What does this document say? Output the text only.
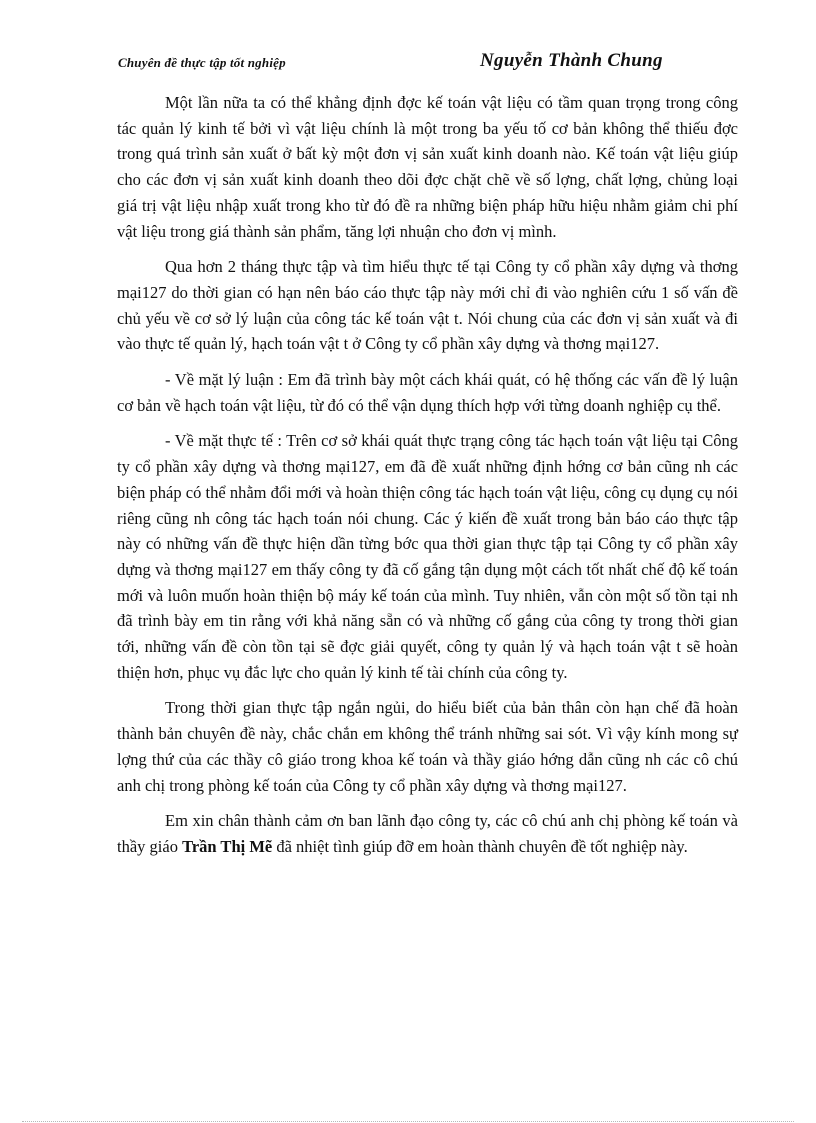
Chuyên đề thực tập tốt nghiệp	Nguyễn Thành Chung

Một lần nữa ta có thể khẳng định đợc kế toán vật liệu có tầm quan trọng trong công tác quản lý kinh tế bởi vì vật liệu chính là một trong ba yếu tố cơ bản không thể thiếu đợc trong quá trình sản xuất ở bất kỳ một đơn vị sản xuất kinh doanh nào. Kế toán vật liệu giúp cho các đơn vị sản xuất kinh doanh theo dõi đợc chặt chẽ về số lợng, chất lợng, chủng loại giá trị vật liệu nhập xuất trong kho từ đó đề ra những biện pháp hữu hiệu nhằm giảm chi phí vật liệu trong giá thành sản phẩm, tăng lợi nhuận cho đơn vị mình.

Qua hơn 2 tháng thực tập và tìm hiểu thực tế tại Công ty cổ phần xây dựng và thơng mại127 do thời gian có hạn nên báo cáo thực tập này mới chỉ đi vào nghiên cứu 1 số vấn đề chủ yếu về cơ sở lý luận của công tác kế toán vật t. Nói chung của các đơn vị sản xuất và đi vào thực tế quản lý, hạch toán vật t ở Công ty cổ phần xây dựng và thơng mại127.

- Về mặt lý luận : Em đã trình bày một cách khái quát, có hệ thống các vấn đề lý luận cơ bản về hạch toán vật liệu, từ đó có thể vận dụng thích hợp với từng doanh nghiệp cụ thể.

- Về mặt thực tế : Trên cơ sở khái quát thực trạng công tác hạch toán vật liệu tại Công ty cổ phần xây dựng và thơng mại127, em đã đề xuất những định hớng cơ bản cũng nh các biện pháp có thể nhằm đổi mới và hoàn thiện công tác hạch toán vật liệu, công cụ dụng cụ nói riêng cũng nh công tác hạch toán nói chung. Các ý kiến đề xuất trong bản báo cáo thực tập này có những vấn đề thực hiện dần từng bớc qua thời gian thực tập tại Công ty cổ phần xây dựng và thơng mại127 em thấy công ty đã cố gắng tận dụng một cách tốt nhất chế độ kế toán mới và luôn muốn hoàn thiện bộ máy kế toán của mình. Tuy nhiên, vẫn còn một số tồn tại nh đã trình bày em tin rằng với khả năng sẵn có và những cố gắng của công ty trong thời gian tới, những vấn đề còn tồn tại sẽ đợc giải quyết, công ty quản lý và hạch toán vật t sẽ hoàn thiện hơn, phục vụ đắc lực cho quản lý kinh tế tài chính của công ty.

Trong thời gian thực tập ngắn ngủi, do hiểu biết của bản thân còn hạn chế đã hoàn thành bản chuyên đề này, chắc chắn em không thể tránh những sai sót. Vì vậy kính mong sự lợng thứ của các thầy cô giáo trong khoa kế toán và thầy giáo hớng dẫn cũng nh các cô chú anh chị trong phòng kế toán của Công ty cổ phần xây dựng và thơng mại127.

Em xin chân thành cảm ơn ban lãnh đạo công ty, các cô chú anh chị phòng kế toán và thầy giáo Trần Thị Mẽ đã nhiệt tình giúp đỡ em hoàn thành chuyên đề tốt nghiệp này.
